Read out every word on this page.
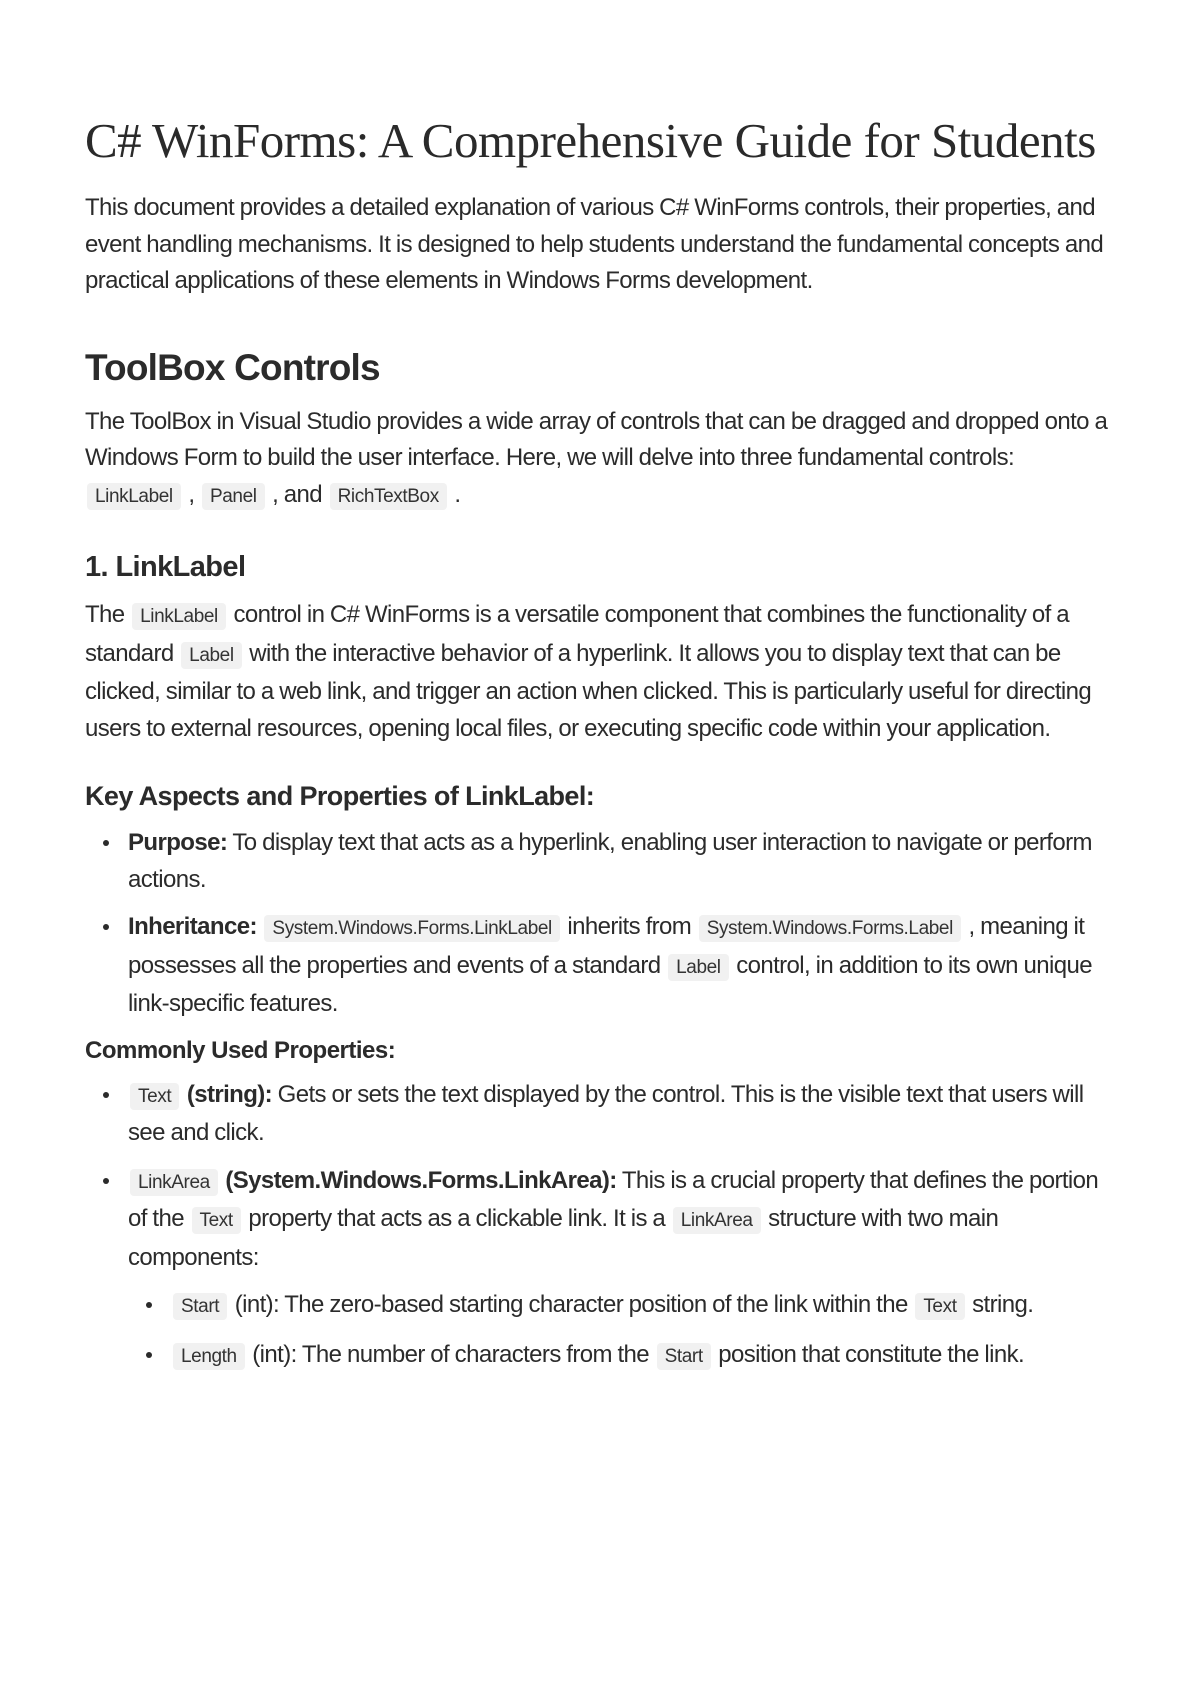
C# WinForms: A Comprehensive Guide for Students

This document provides a detailed explanation of various C# WinForms controls, their properties, and event handling mechanisms. It is designed to help students understand the fundamental concepts and practical applications of these elements in Windows Forms development.

ToolBox Controls

The ToolBox in Visual Studio provides a wide array of controls that can be dragged and dropped onto a Windows Form to build the user interface. Here, we will delve into three fundamental controls: LinkLabel , Panel , and RichTextBox .

1. LinkLabel

The LinkLabel control in C# WinForms is a versatile component that combines the functionality of a standard Label with the interactive behavior of a hyperlink. It allows you to display text that can be clicked, similar to a web link, and trigger an action when clicked. This is particularly useful for directing users to external resources, opening local files, or executing specific code within your application.

Key Aspects and Properties of LinkLabel:
Purpose: To display text that acts as a hyperlink, enabling user interaction to navigate or perform actions.
Inheritance: System.Windows.Forms.LinkLabel inherits from System.Windows.Forms.Label , meaning it possesses all the properties and events of a standard Label control, in addition to its own unique link-specific features.
Commonly Used Properties:
Text (string): Gets or sets the text displayed by the control. This is the visible text that users will see and click.
LinkArea (System.Windows.Forms.LinkArea): This is a crucial property that defines the portion of the Text property that acts as a clickable link. It is a LinkArea structure with two main components:
Start (int): The zero-based starting character position of the link within the Text string.
Length (int): The number of characters from the Start position that constitute the link.
